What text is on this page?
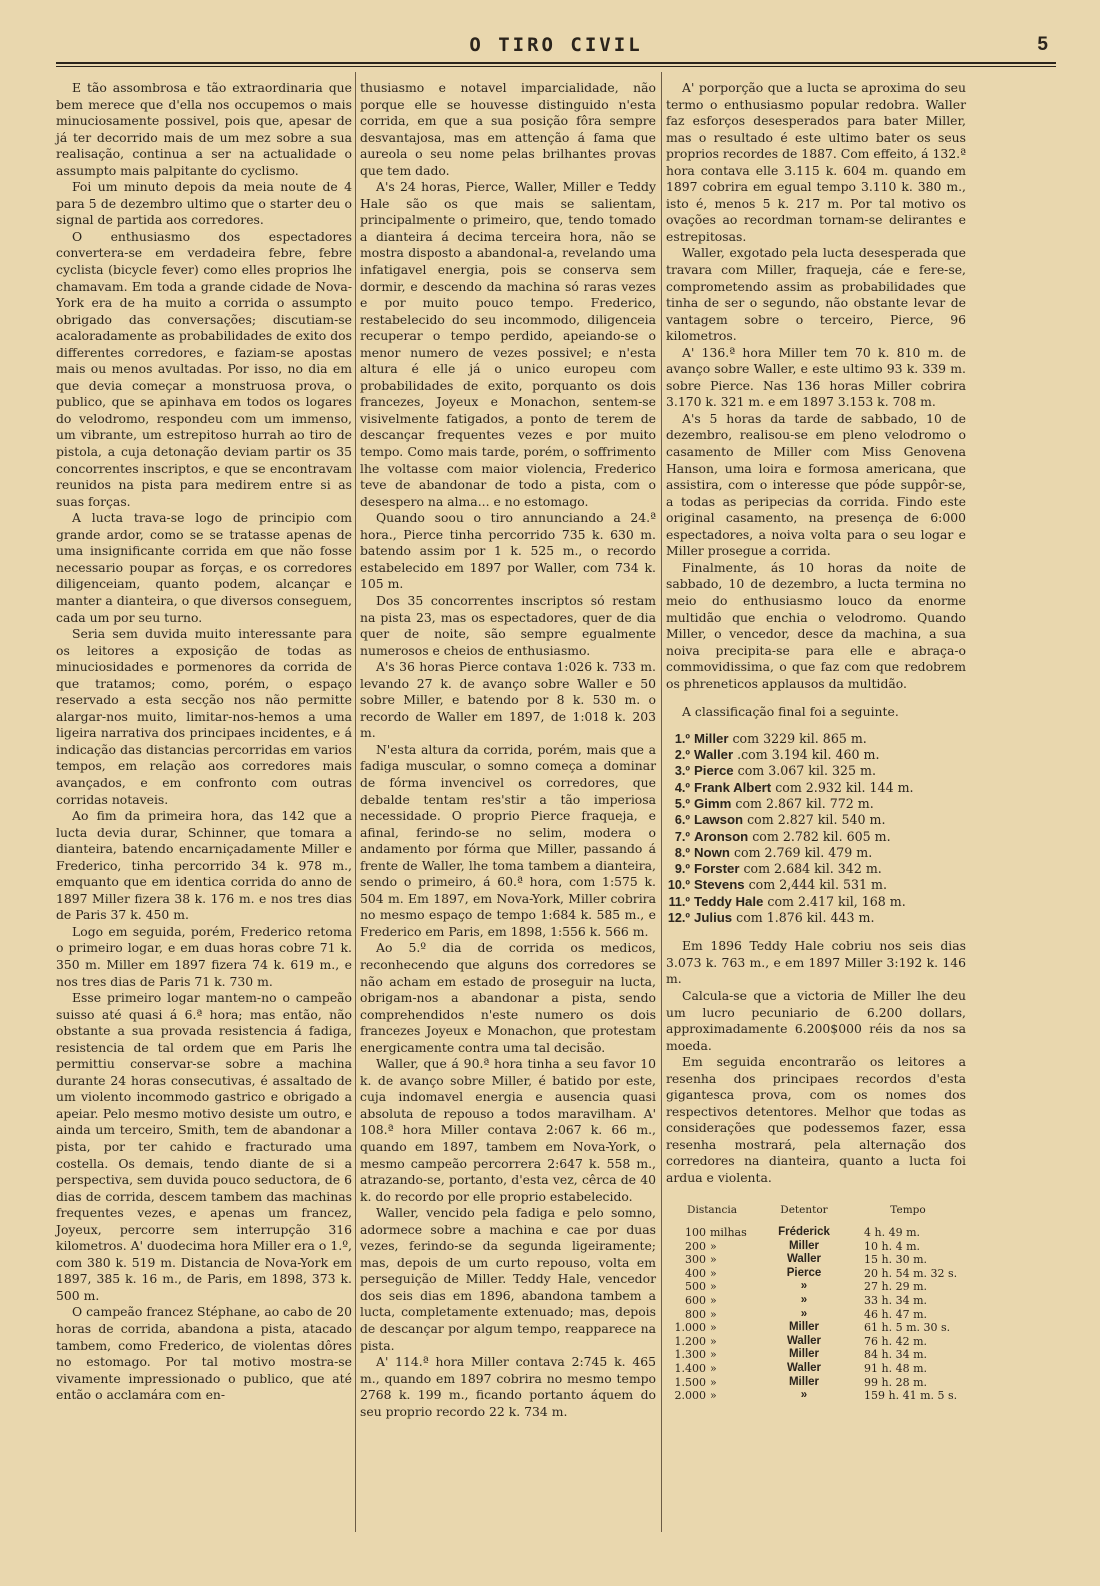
O TIRO CIVIL	5

E tão assombrosa e tão extraordinaria que bem merece que d'ella nos occupemos o mais minuciosamente possivel, pois que, apesar de já ter decorrido mais de um mez sobre a sua realisação, continua a ser na actualidade o assumpto mais palpitante do cyclismo.

Foi um minuto depois da meia noute de 4 para 5 de dezembro ultimo que o starter deu o signal de partida aos corredores.

O enthusiasmo dos espectadores convertera-se em verdadeira febre, febre cyclista (bicycle fever) como elles proprios lhe chamavam. Em toda a grande cidade de Nova-York era de ha muito a corrida o assumpto obrigado das conversações; discutiam-se acaloradamente as probabilidades de exito dos differentes corredores, e faziam-se apostas mais ou menos avultadas. Por isso, no dia em que devia começar a monstruosa prova, o publico, que se apinhava em todos os logares do velodromo, respondeu com um immenso, um vibrante, um estrepitoso hurrah ao tiro de pistola, a cuja detonação deviam partir os 35 concorrentes inscriptos, e que se encontravam reunidos na pista para medirem entre si as suas forças.

A lucta trava-se logo de principio com grande ardor, como se se tratasse apenas de uma insignificante corrida em que não fosse necessario poupar as forças, e os corredores diligenceiam, quanto podem, alcançar e manter a dianteira, o que diversos conseguem, cada um por seu turno.

Seria sem duvida muito interessante para os leitores a exposição de todas as minuciosidades e pormenores da corrida de que tratamos; como, porém, o espaço reservado a esta secção nos não permitte alargar-nos muito, limitar-nos-hemos a uma ligeira narrativa dos principaes incidentes, e á indicação das distancias percorridas em varios tempos, em relação aos corredores mais avançados, e em confronto com outras corridas notaveis.

Ao fim da primeira hora, das 142 que a lucta devia durar, Schinner, que tomara a dianteira, batendo encarniçadamente Miller e Frederico, tinha percorrido 34 k. 978 m., emquanto que em identica corrida do anno de 1897 Miller fizera 38 k. 176 m. e nos tres dias de Paris 37 k. 450 m.

Logo em seguida, porém, Frederico retoma o primeiro logar, e em duas horas cobre 71 k. 350 m. Miller em 1897 fizera 74 k. 619 m., e nos tres dias de Paris 71 k. 730 m.

Esse primeiro logar mantem-no o campeão suisso até quasi á 6.ª hora; mas então, não obstante a sua provada resistencia á fadiga, resistencia de tal ordem que em Paris lhe permittiu conservar-se sobre a machina durante 24 horas consecutivas, é assaltado de um violento incommodo gastrico e obrigado a apeiar. Pelo mesmo motivo desiste um outro, e ainda um terceiro, Smith, tem de abandonar a pista, por ter cahido e fracturado uma costella. Os demais, tendo diante de si a perspectiva, sem duvida pouco seductora, de 6 dias de corrida, descem tambem das machinas frequentes vezes, e apenas um francez, Joyeux, percorre sem interrupção 316 kilometros. A' duodecima hora Miller era o 1.º, com 380 k. 519 m. Distancia de Nova-York em 1897, 385 k. 16 m., de Paris, em 1898, 373 k. 500 m.

O campeão francez Stéphane, ao cabo de 20 horas de corrida, abandona a pista, atacado tambem, como Frederico, de violentas dôres no estomago. Por tal motivo mostra-se vivamente impressionado o publico, que até então o acclamára com en-

thusiasmo e notavel imparcialidade, não porque elle se houvesse distinguido n'esta corrida, em que a sua posição fôra sempre desvantajosa, mas em attenção á fama que aureola o seu nome pelas brilhantes provas que tem dado.

A's 24 horas, Pierce, Waller, Miller e Teddy Hale são os que mais se salientam, principalmente o primeiro, que, tendo tomado a dianteira á decima terceira hora, não se mostra disposto a abandonal-a, revelando uma infatigavel energia, pois se conserva sem dormir, e descendo da machina só raras vezes e por muito pouco tempo. Frederico, restabelecido do seu incommodo, diligenceia recuperar o tempo perdido, apeiando-se o menor numero de vezes possivel; e n'esta altura é elle já o unico europeu com probabilidades de exito, porquanto os dois francezes, Joyeux e Monachon, sentem-se visivelmente fatigados, a ponto de terem de descançar frequentes vezes e por muito tempo. Como mais tarde, porém, o soffrimento lhe voltasse com maior violencia, Frederico teve de abandonar de todo a pista, com o desespero na alma... e no estomago.

Quando soou o tiro annunciando a 24.ª hora., Pierce tinha percorrido 735 k. 630 m. batendo assim por 1 k. 525 m., o recordo estabelecido em 1897 por Waller, com 734 k. 105 m.

Dos 35 concorrentes inscriptos só restam na pista 23, mas os espectadores, quer de dia quer de noite, são sempre egualmente numerosos e cheios de enthusiasmo.

A's 36 horas Pierce contava 1:026 k. 733 m. levando 27 k. de avanço sobre Waller e 50 sobre Miller, e batendo por 8 k. 530 m. o recordo de Waller em 1897, de 1:018 k. 203 m.

N'esta altura da corrida, porém, mais que a fadiga muscular, o somno começa a dominar de fórma invencivel os corredores, que debalde tentam res'stir a tão imperiosa necessidade. O proprio Pierce fraqueja, e afinal, ferindo-se no selim, modera o andamento por fórma que Miller, passando á frente de Waller, lhe toma tambem a dianteira, sendo o primeiro, á 60.ª hora, com 1:575 k. 504 m. Em 1897, em Nova-York, Miller cobrira no mesmo espaço de tempo 1:684 k. 585 m., e Frederico em Paris, em 1898, 1:556 k. 566 m.

Ao 5.º dia de corrida os medicos, reconhecendo que alguns dos corredores se não acham em estado de proseguir na lucta, obrigam-nos a abandonar a pista, sendo comprehendidos n'este numero os dois francezes Joyeux e Monachon, que protestam energicamente contra uma tal decisão.

Waller, que á 90.ª hora tinha a seu favor 10 k. de avanço sobre Miller, é batido por este, cuja indomavel energia e ausencia quasi absoluta de repouso a todos maravilham. A' 108.ª hora Miller contava 2:067 k. 66 m., quando em 1897, tambem em Nova-York, o mesmo campeão percorrera 2:647 k. 558 m., atrazando-se, portanto, d'esta vez, cêrca de 40 k. do recordo por elle proprio estabelecido.

Waller, vencido pela fadiga e pelo somno, adormece sobre a machina e cae por duas vezes, ferindo-se da segunda ligeiramente; mas, depois de um curto repouso, volta em perseguição de Miller. Teddy Hale, vencedor dos seis dias em 1896, abandona tambem a lucta, completamente extenuado; mas, depois de descançar por algum tempo, reapparece na pista.

A' 114.ª hora Miller contava 2:745 k. 465 m., quando em 1897 cobrira no mesmo tempo 2768 k. 199 m., ficando portanto áquem do seu proprio recordo 22 k. 734 m.

A' porporção que a lucta se aproxima do seu termo o enthusiasmo popular redobra. Waller faz esforços desesperados para bater Miller, mas o resultado é este ultimo bater os seus proprios recordes de 1887. Com effeito, á 132.ª hora contava elle 3.115 k. 604 m. quando em 1897 cobrira em egual tempo 3.110 k. 380 m., isto é, menos 5 k. 217 m. Por tal motivo os ovações ao recordman tornam-se delirantes e estrepitosas.

Waller, exgotado pela lucta desesperada que travara com Miller, fraqueja, cáe e fere-se, comprometendo assim as probabilidades que tinha de ser o segundo, não obstante levar de vantagem sobre o terceiro, Pierce, 96 kilometros.

A' 136.ª hora Miller tem 70 k. 810 m. de avanço sobre Waller, e este ultimo 93 k. 339 m. sobre Pierce. Nas 136 horas Miller cobrira 3.170 k. 321 m. e em 1897 3.153 k. 708 m.

A's 5 horas da tarde de sabbado, 10 de dezembro, realisou-se em pleno velodromo o casamento de Miller com Miss Genovena Hanson, uma loira e formosa americana, que assistira, com o interesse que póde suppôr-se, a todas as peripecias da corrida. Findo este original casamento, na presença de 6:000 espectadores, a noiva volta para o seu logar e Miller prosegue a corrida.

Finalmente, ás 10 horas da noite de sabbado, 10 de dezembro, a lucta termina no meio do enthusiasmo louco da enorme multidão que enchia o velodromo. Quando Miller, o vencedor, desce da machina, a sua noiva precipita-se para elle e abraça-o commovidissima, o que faz com que redobrem os phreneticos applausos da multidão.

A classificação final foi a seguinte.

1.º Miller com 3229 kil. 865 m.
2.º Waller .com 3.194 kil. 460 m.
3.º Pierce com 3.067 kil. 325 m.
4.º Frank Albert com 2.932 kil. 144 m.
5.º Gimm com 2.867 kil. 772 m.
6.º Lawson com 2.827 kil. 540 m.
7.º Aronson com 2.782 kil. 605 m.
8.º Nown com 2.769 kil. 479 m.
9.º Forster com 2.684 kil. 342 m.
10.º Stevens com 2,444 kil. 531 m.
11.º Teddy Hale com 2.417 kil, 168 m.
12.º Julius com 1.876 kil. 443 m.

Em 1896 Teddy Hale cobriu nos seis dias 3.073 k. 763 m., e em 1897 Miller 3:192 k. 146 m.

Calcula-se que a victoria de Miller lhe deu um lucro pecuniario de 6.200 dollars, approximadamente 6.200$000 réis da nos sa moeda.

Em seguida encontrarão os leitores a resenha dos principaes recordos d'esta gigantesca prova, com os nomes dos respectivos detentores. Melhor que todas as considerações que podessemos fazer, essa resenha mostrará, pela alternação dos corredores na dianteira, quanto a lucta foi ardua e violenta.

Distancia		Detentor	Tempo
100	milhas	Fréderick	4 h. 49 m.
200	»	Miller	10 h. 4 m.
300	»	Waller	15 h. 30 m.
400	»	Pierce	20 h. 54 m. 32 s.
500	»	»	27 h. 29 m.
600	»	»	33 h. 34 m.
800	»	»	46 h. 47 m.
1.000	»	Miller	61 h. 5 m. 30 s.
1.200	»	Waller	76 h. 42 m.
1.300	»	Miller	84 h. 34 m.
1.400	»	Waller	91 h. 48 m.
1.500	»	Miller	99 h. 28 m.
2.000	»	»	159 h. 41 m. 5 s.
